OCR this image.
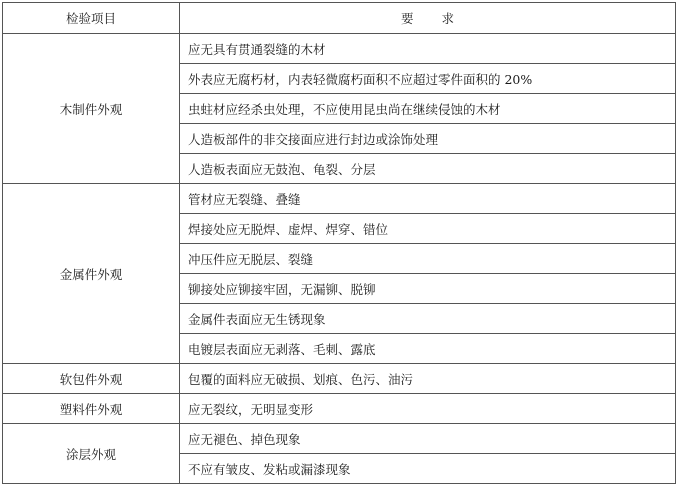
检验项目	要求
木制件外观	应无具有贯通裂缝的木材
	外表应无腐朽材，内表轻微腐朽面积不应超过零件面积的 20%
	虫蛀材应经杀虫处理，不应使用昆虫尚在继续侵蚀的木材
	人造板部件的非交接面应进行封边或涂饰处理
	人造板表面应无鼓泡、龟裂、分层
金属件外观	管材应无裂缝、叠缝
	焊接处应无脱焊、虚焊、焊穿、错位
	冲压件应无脱层、裂缝
	铆接处应铆接牢固，无漏铆、脱铆
	金属件表面应无生锈现象
	电镀层表面应无剥落、毛刺、露底
软包件外观	包覆的面料应无破损、划痕、色污、油污
塑料件外观	应无裂纹，无明显变形
涂层外观	应无褪色、掉色现象
	不应有皱皮、发粘或漏漆现象
